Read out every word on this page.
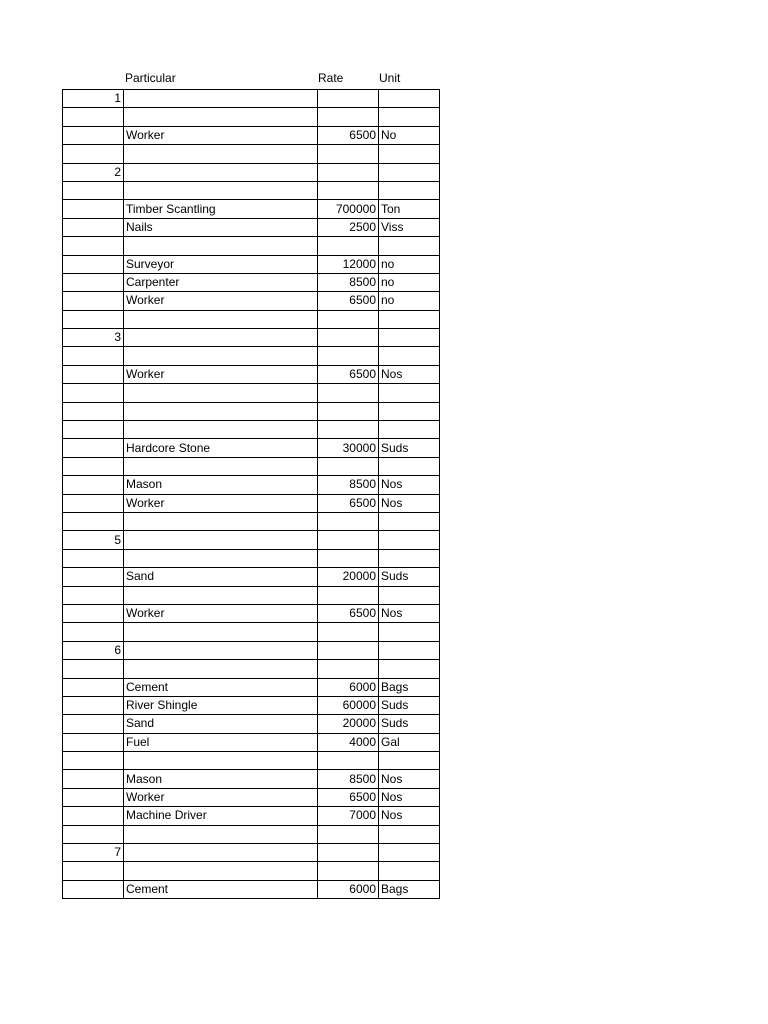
Particular	Rate	Unit
1			

	Worker	6500	No

2			

	Timber Scantling	700000	Ton
	Nails	2500	Viss

	Surveyor	12000	no
	Carpenter	8500	no
	Worker	6500	no

3			

	Worker	6500	Nos

	Hardcore Stone	30000	Suds

	Mason	8500	Nos
	Worker	6500	Nos

5			

	Sand	20000	Suds

	Worker	6500	Nos

6			

	Cement	6000	Bags
	River Shingle	60000	Suds
	Sand	20000	Suds
	Fuel	4000	Gal

	Mason	8500	Nos
	Worker	6500	Nos
	Machine Driver	7000	Nos

7			

	Cement	6000	Bags
